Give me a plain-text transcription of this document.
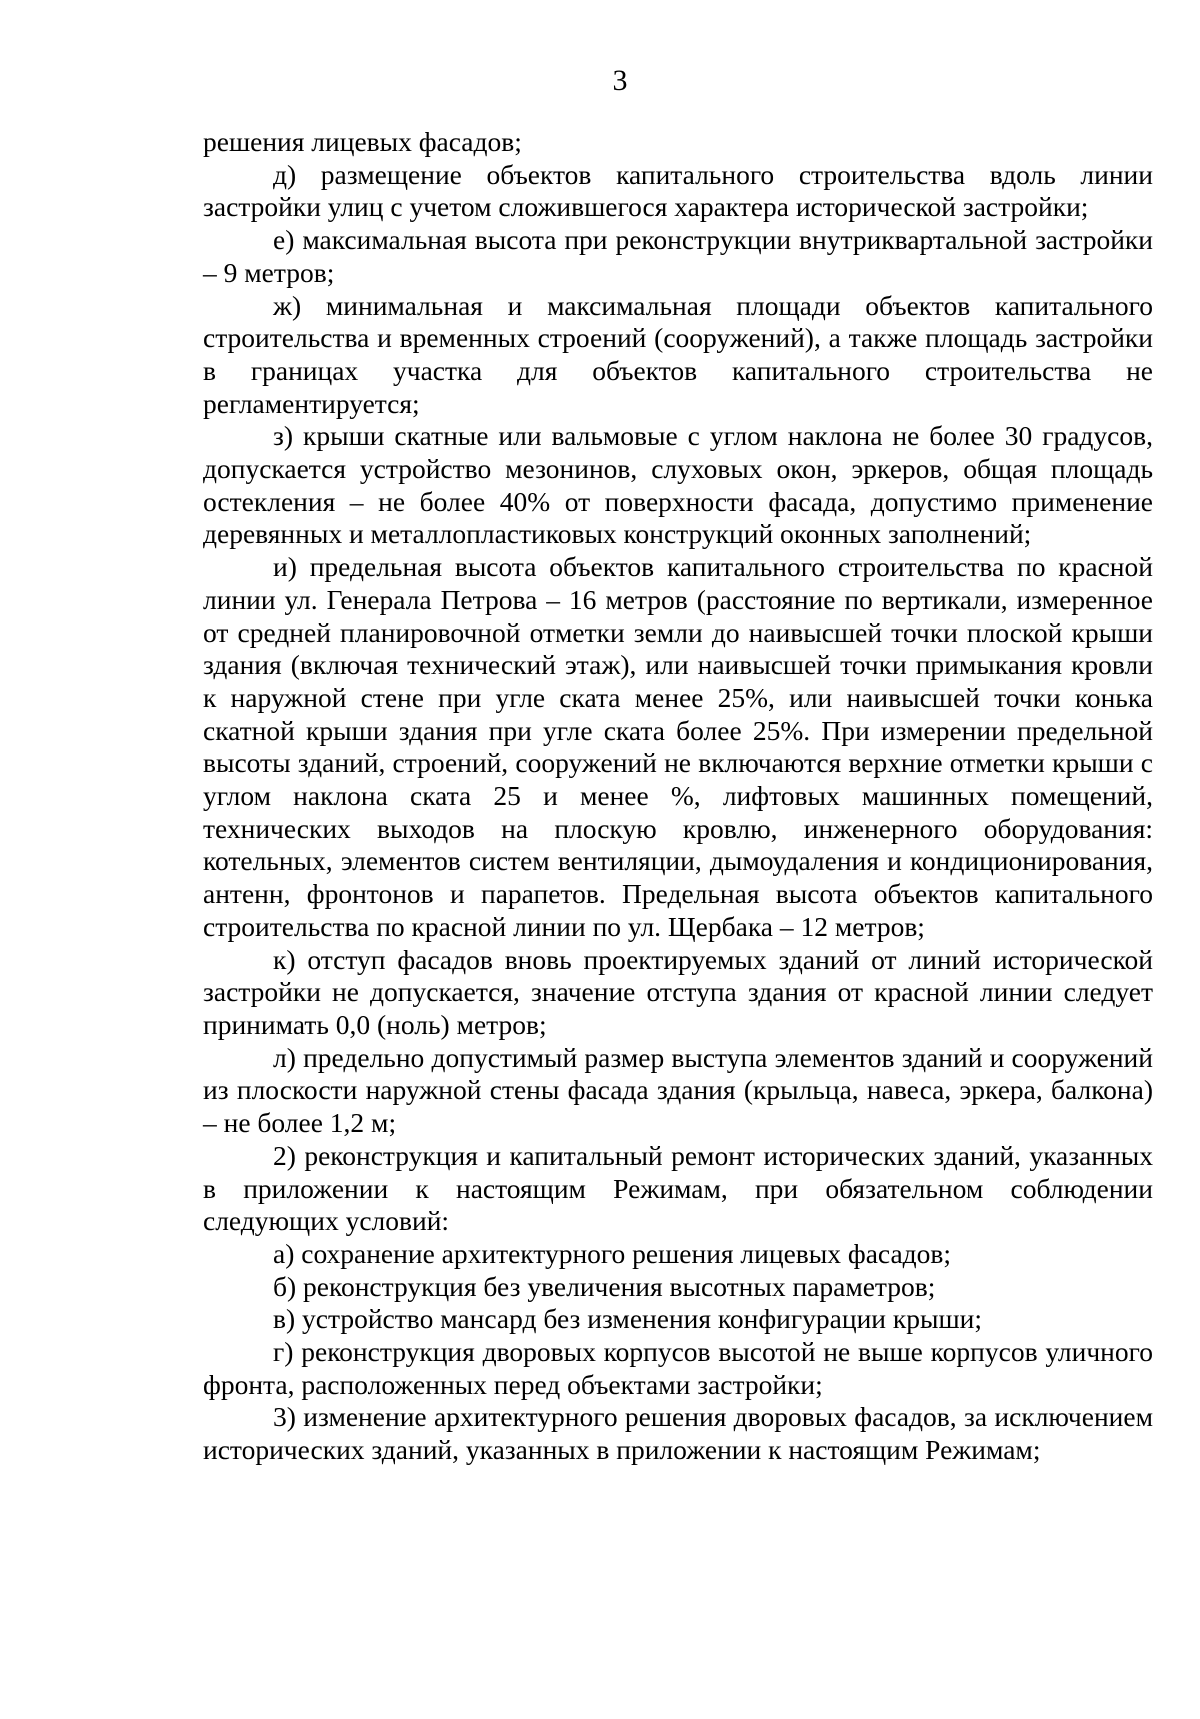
3

решения лицевых фасадов;

д) размещение объектов капитального строительства вдоль линии застройки улиц с учетом сложившегося характера исторической застройки;

е) максимальная высота при реконструкции внутриквартальной застройки – 9 метров;

ж) минимальная и максимальная площади объектов капитального строительства и временных строений (сооружений), а также площадь застройки в границах участка для объектов капитального строительства не регламентируется;

з) крыши скатные или вальмовые с углом наклона не более 30 градусов, допускается устройство мезонинов, слуховых окон, эркеров, общая площадь остекления – не более 40% от поверхности фасада, допустимо применение деревянных и металлопластиковых конструкций оконных заполнений;

и) предельная высота объектов капитального строительства по красной линии ул. Генерала Петрова – 16 метров (расстояние по вертикали, измеренное от средней планировочной отметки земли до наивысшей точки плоской крыши здания (включая технический этаж), или наивысшей точки примыкания кровли к наружной стене при угле ската менее 25%, или наивысшей точки конька скатной крыши здания при угле ската более 25%. При измерении предельной высоты зданий, строений, сооружений не включаются верхние отметки крыши с углом наклона ската 25 и менее %, лифтовых машинных помещений, технических выходов на плоскую кровлю, инженерного оборудования: котельных, элементов систем вентиляции, дымоудаления и кондиционирования, антенн, фронтонов и парапетов. Предельная высота объектов капитального строительства по красной линии по ул. Щербака – 12 метров;

к) отступ фасадов вновь проектируемых зданий от линий исторической застройки не допускается, значение отступа здания от красной линии следует принимать 0,0 (ноль) метров;

л) предельно допустимый размер выступа элементов зданий и сооружений из плоскости наружной стены фасада здания (крыльца, навеса, эркера, балкона) – не более 1,2 м;

2) реконструкция и капитальный ремонт исторических зданий, указанных в приложении к настоящим Режимам, при обязательном соблюдении следующих условий:

а) сохранение архитектурного решения лицевых фасадов;

б) реконструкция без увеличения высотных параметров;

в) устройство мансард без изменения конфигурации крыши;

г) реконструкция дворовых корпусов высотой не выше корпусов уличного фронта, расположенных перед объектами застройки;

3) изменение архитектурного решения дворовых фасадов, за исключением исторических зданий, указанных в приложении к настоящим Режимам;
